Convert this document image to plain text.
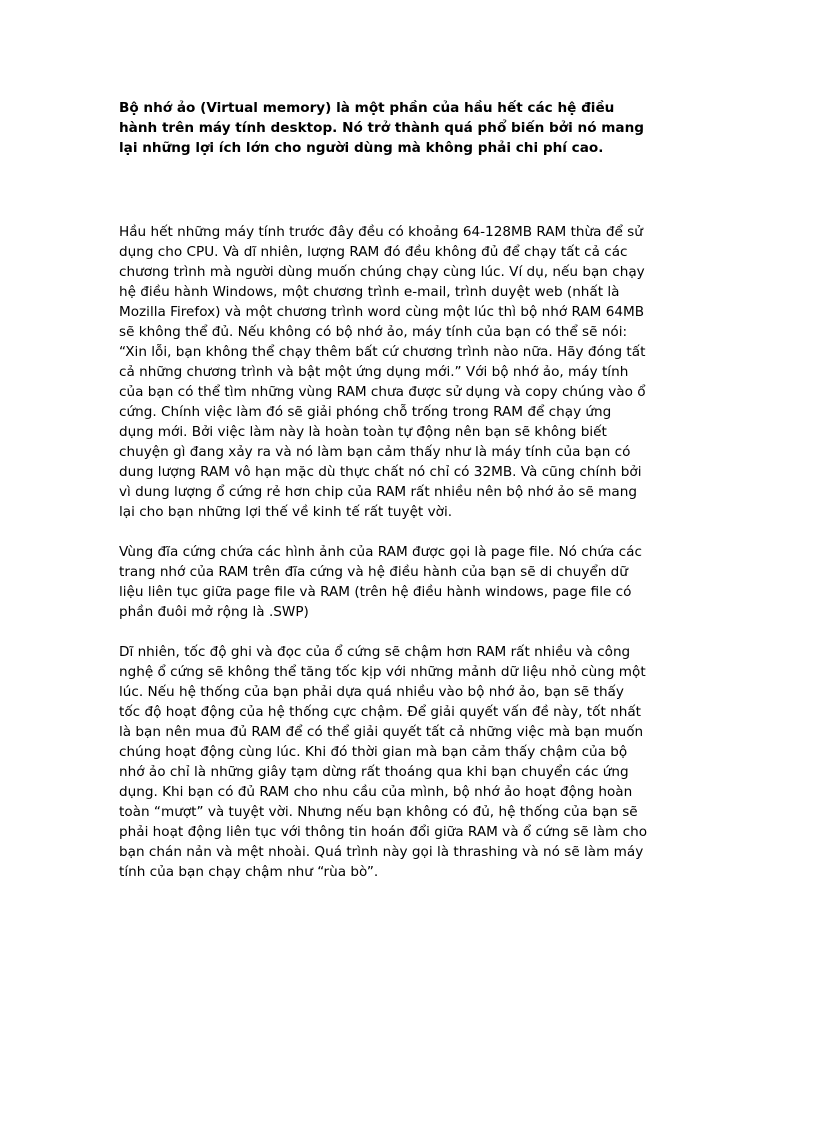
Bộ nhớ ảo (Virtual memory) là một phần của hầu hết các hệ điều
hành trên máy tính desktop. Nó trở thành quá phổ biến bởi nó mang
lại những lợi ích lớn cho người dùng mà không phải chi phí cao.
Hầu hết những máy tính trước đây đều có khoảng 64-128MB RAM thừa để sử
dụng cho CPU. Và dĩ nhiên, lượng RAM đó đều không đủ để chạy tất cả các
chương trình mà người dùng muốn chúng chạy cùng lúc. Ví dụ, nếu bạn chạy
hệ điều hành Windows, một chương trình e-mail, trình duyệt web (nhất là
Mozilla Firefox) và một chương trình word cùng một lúc thì bộ nhớ RAM 64MB
sẽ không thể đủ. Nếu không có bộ nhớ ảo, máy tính của bạn có thể sẽ nói:
“Xin lỗi, bạn không thể chạy thêm bất cứ chương trình nào nữa. Hãy đóng tất
cả những chương trình và bật một ứng dụng mới.” Với bộ nhớ ảo, máy tính
của bạn có thể tìm những vùng RAM chưa được sử dụng và copy chúng vào ổ
cứng. Chính việc làm đó sẽ giải phóng chỗ trống trong RAM để chạy ứng
dụng mới. Bởi việc làm này là hoàn toàn tự động nên bạn sẽ không biết
chuyện gì đang xảy ra và nó làm bạn cảm thấy như là máy tính của bạn có
dung lượng RAM vô hạn mặc dù thực chất nó chỉ có 32MB. Và cũng chính bởi
vì dung lượng ổ cứng rẻ hơn chip của RAM rất nhiều nên bộ nhớ ảo sẽ mang
lại cho bạn những lợi thế về kinh tế rất tuyệt vời.
Vùng đĩa cứng chứa các hình ảnh của RAM được gọi là page file. Nó chứa các
trang nhớ của RAM trên đĩa cứng và hệ điều hành của bạn sẽ di chuyển dữ
liệu liên tục giữa page file và RAM (trên hệ điều hành windows, page file có
phần đuôi mở rộng là .SWP)
Dĩ nhiên, tốc độ ghi và đọc của ổ cứng sẽ chậm hơn RAM rất nhiều và công
nghệ ổ cứng sẽ không thể tăng tốc kịp với những mảnh dữ liệu nhỏ cùng một
lúc. Nếu hệ thống của bạn phải dựa quá nhiều vào bộ nhớ ảo, bạn sẽ thấy
tốc độ hoạt động của hệ thống cực chậm. Để giải quyết vấn đề này, tốt nhất
là bạn nên mua đủ RAM để có thể giải quyết tất cả những việc mà bạn muốn
chúng hoạt động cùng lúc. Khi đó thời gian mà bạn cảm thấy chậm của bộ
nhớ ảo chỉ là những giây tạm dừng rất thoáng qua khi bạn chuyển các ứng
dụng. Khi bạn có đủ RAM cho nhu cầu của mình, bộ nhớ ảo hoạt động hoàn
toàn “mượt” và tuyệt vời. Nhưng nếu bạn không có đủ, hệ thống của bạn sẽ
phải hoạt động liên tục với thông tin hoán đổi giữa RAM và ổ cứng sẽ làm cho
bạn chán nản và mệt nhoài. Quá trình này gọi là thrashing và nó sẽ làm máy
tính của bạn chạy chậm như “rùa bò”.
